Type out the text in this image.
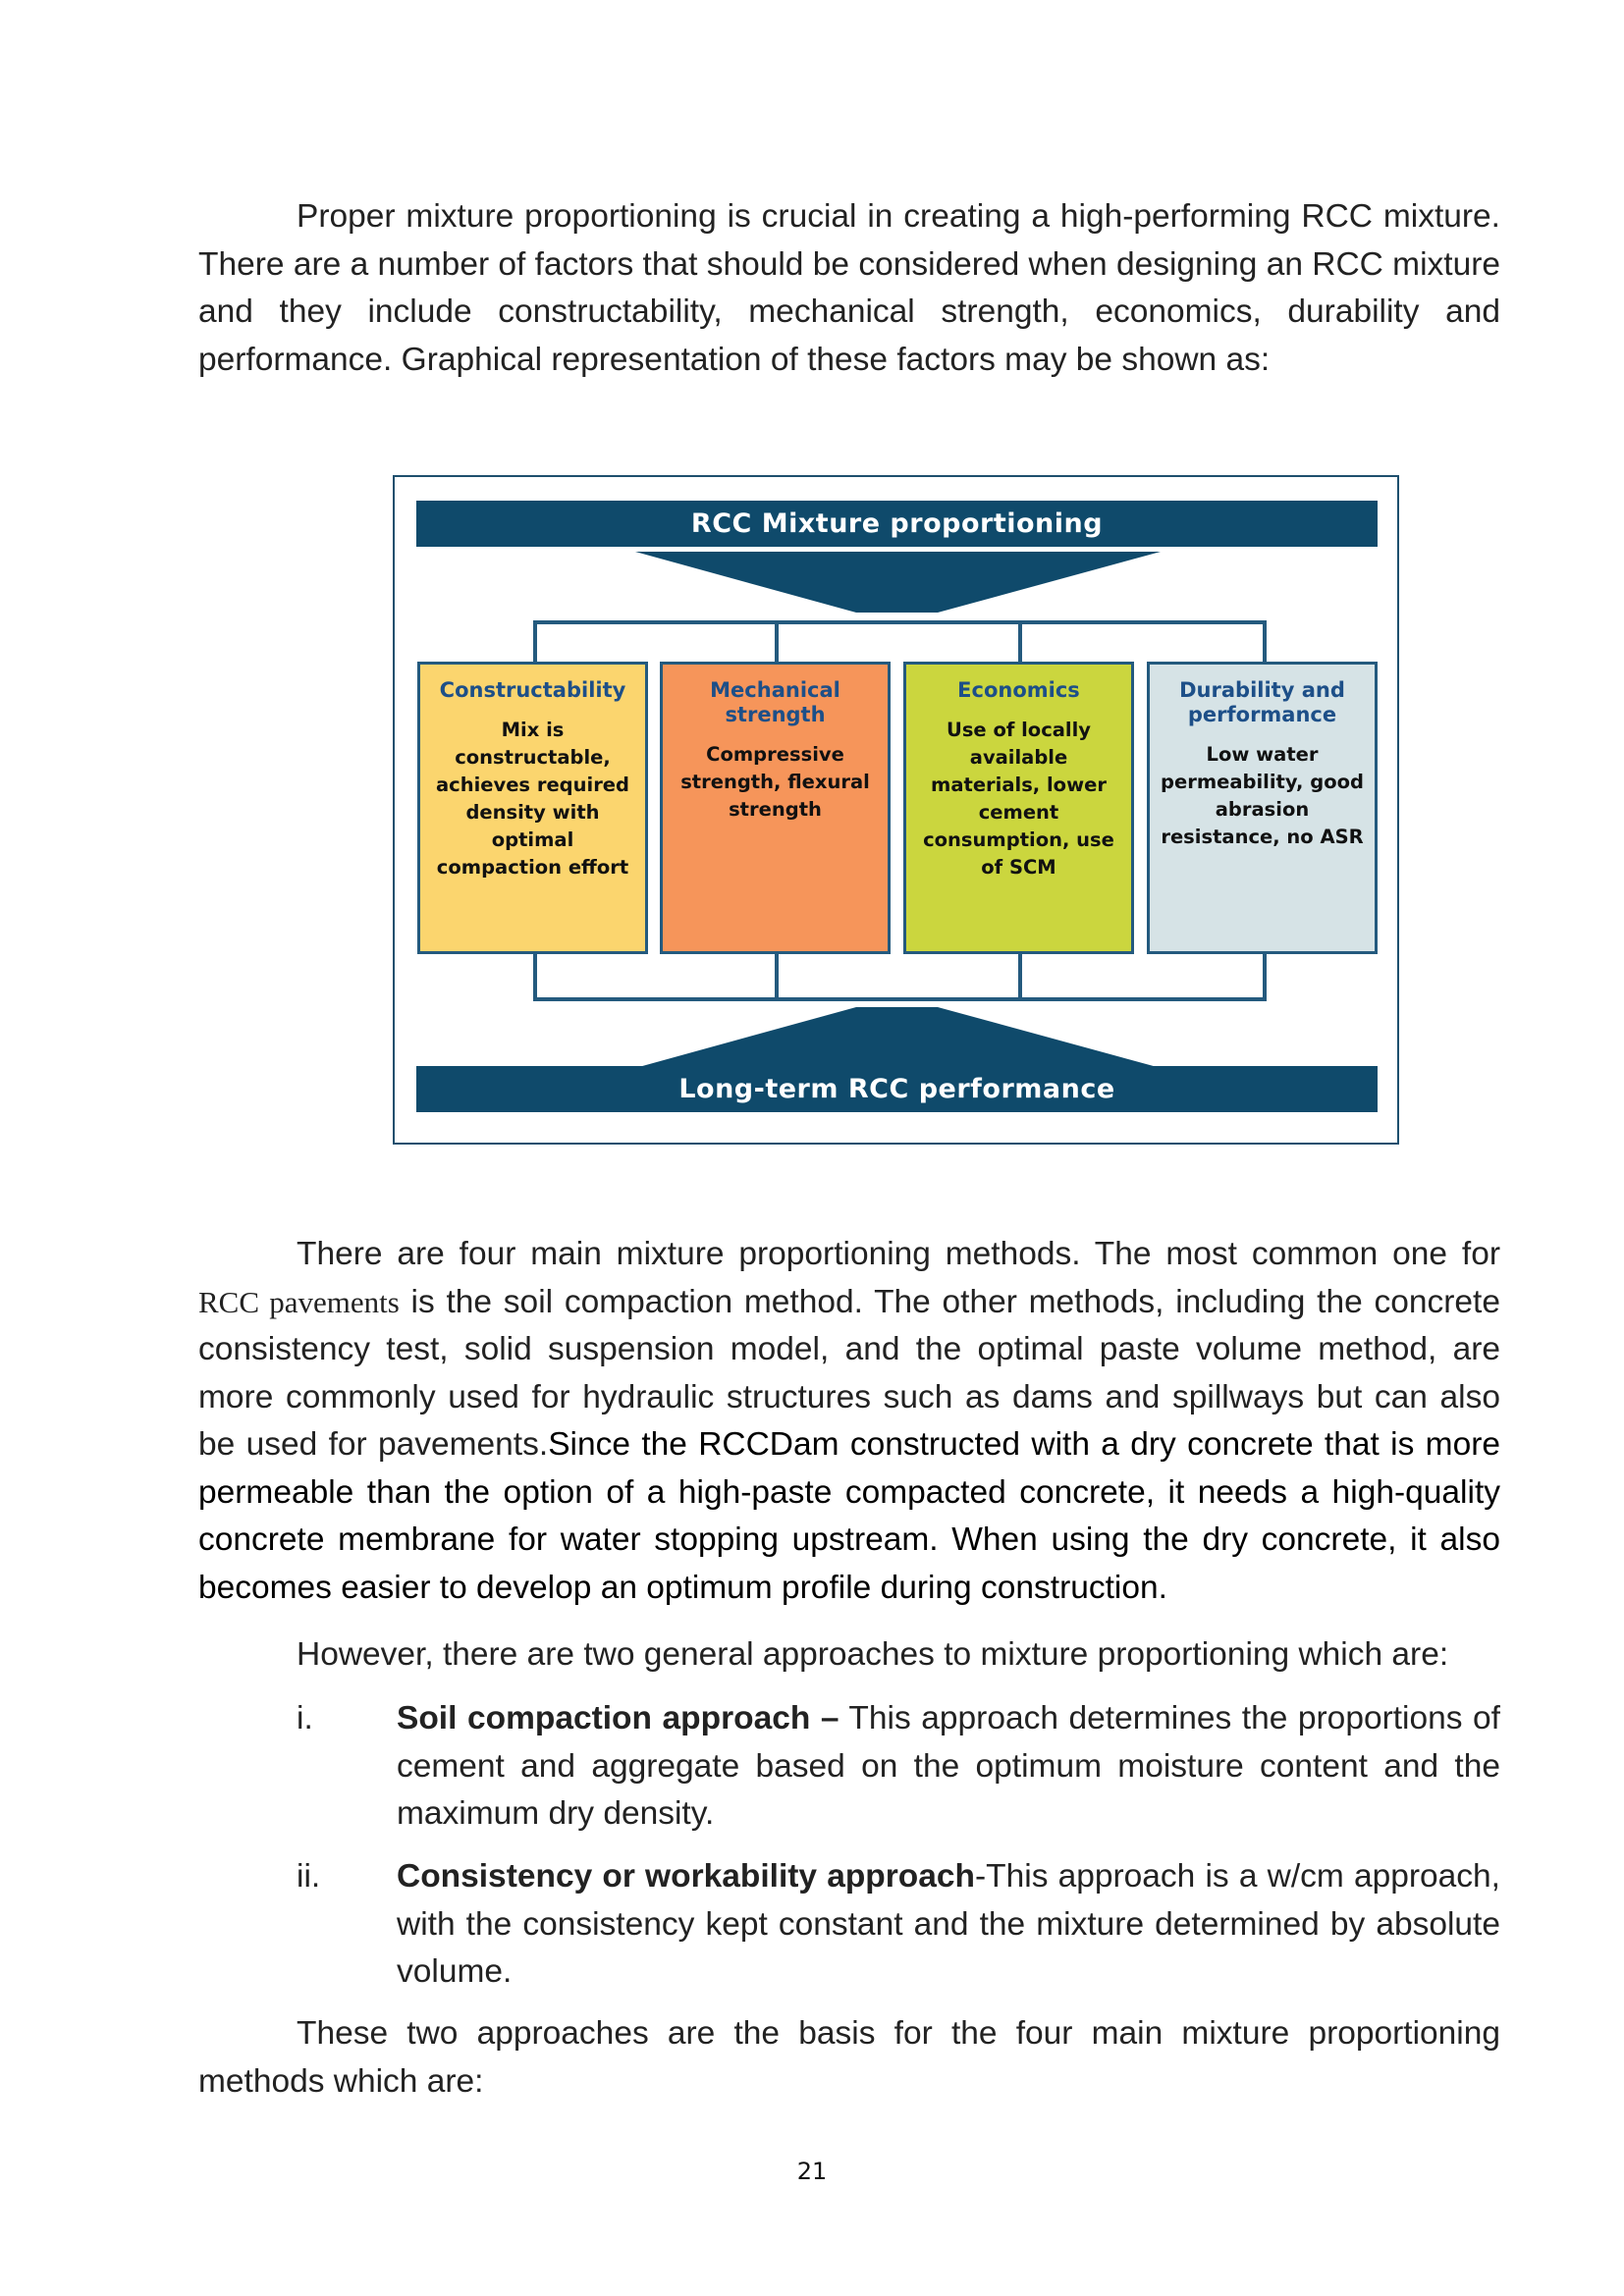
Proper mixture proportioning is crucial in creating a high-performing RCC mixture. There are a number of factors that should be considered when designing an RCC mixture and they include constructability, mechanical strength, economics, durability and performance. Graphical representation of these factors may be shown as:

RCC Mixture proportioning
Constructability
Mix is constructable, achieves required density with optimal compaction effort
Mechanical strength
Compressive strength, flexural strength
Economics
Use of locally available materials, lower cement consumption, use of SCM
Durability and performance
Low water permeability, good abrasion resistance, no ASR
Long-term RCC performance

There are four main mixture proportioning methods. The most common one for RCC pavements is the soil compaction method. The other methods, including the concrete consistency test, solid suspension model, and the optimal paste volume method, are more commonly used for hydraulic structures such as dams and spillways but can also be used for pavements.Since the RCCDam constructed with a dry concrete that is more permeable than the option of a high-paste compacted concrete, it needs a high-quality concrete membrane for water stopping upstream. When using the dry concrete, it also becomes easier to develop an optimum profile during construction.

However, there are two general approaches to mixture proportioning which are:

i.	Soil compaction approach – This approach determines the proportions of cement and aggregate based on the optimum moisture content and the maximum dry density.
ii. Consistency or workability approach-This approach is a w/cm approach, with the consistency kept constant and the mixture determined by absolute volume.

These two approaches are the basis for the four main mixture proportioning methods which are:

21
